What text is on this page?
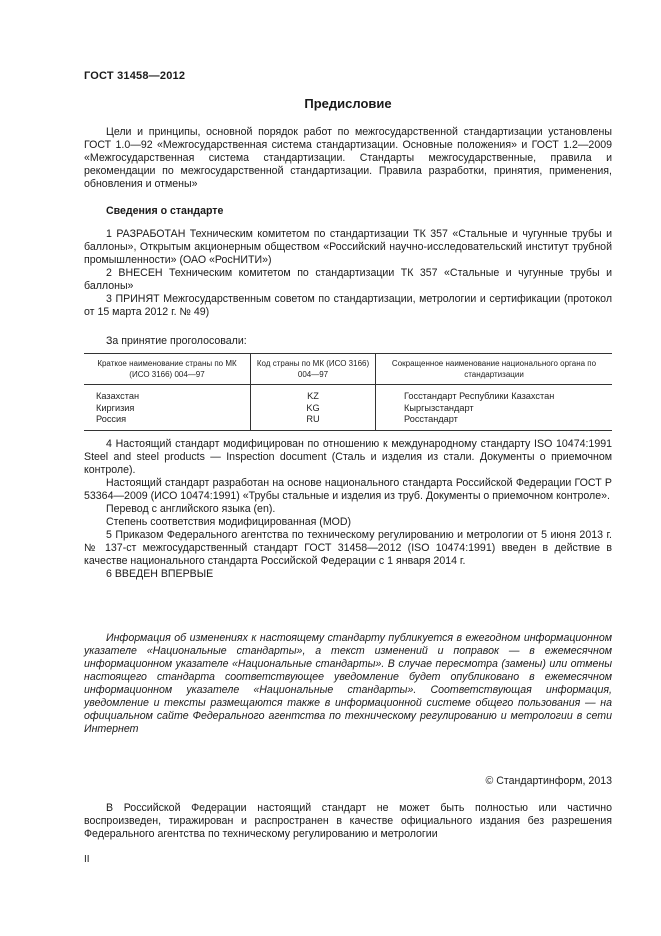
ГОСТ 31458—2012
Предисловие

Цели и принципы, основной порядок работ по межгосударственной стандартизации установлены ГОСТ 1.0—92 «Межгосударственная система стандартизации. Основные положения» и ГОСТ 1.2—2009 «Межгосударственная система стандартизации. Стандарты межгосударственные, правила и рекомендации по межгосударственной стандартизации. Правила разработки, принятия, применения, обновления и отмены»

Сведения о стандарте

1 РАЗРАБОТАН Техническим комитетом по стандартизации ТК 357 «Стальные и чугунные трубы и баллоны», Открытым акционерным обществом «Российский научно-исследовательский институт трубной промышленности» (ОАО «РосНИТИ»)

2 ВНЕСЕН Техническим комитетом по стандартизации ТК 357 «Стальные и чугунные трубы и баллоны»

3 ПРИНЯТ Межгосударственным советом по стандартизации, метрологии и сертификации (протокол от 15 марта 2012 г. № 49)

За принятие проголосовали:
Краткое наименование страны по МК (ИСО 3166) 004—97	Код страны по МК (ИСО 3166) 004—97	Сокращенное наименование национального органа по стандартизации
Казахстан	KZ	Госстандарт Республики Казахстан
Киргизия	KG	Кыргызстандарт
Россия	RU	Росстандарт

4 Настоящий стандарт модифицирован по отношению к международному стандарту ISO 10474:1991 Steel and steel products — Inspection document (Сталь и изделия из стали. Документы о приемочном контроле).

Настоящий стандарт разработан на основе национального стандарта Российской Федерации ГОСТ Р 53364—2009 (ИСО 10474:1991) «Трубы стальные и изделия из труб. Документы о приемочном контроле».

Перевод с английского языка (en).

Степень соответствия модифицированная (MOD)

5 Приказом Федерального агентства по техническому регулированию и метрологии от 5 июня 2013 г. № 137-ст межгосударственный стандарт ГОСТ 31458—2012 (ISO 10474:1991) введен в действие в качестве национального стандарта Российской Федерации с 1 января 2014 г.

6 ВВЕДЕН ВПЕРВЫЕ

Информация об изменениях к настоящему стандарту публикуется в ежегодном информационном указателе «Национальные стандарты», а текст изменений и поправок — в ежемесячном информационном указателе «Национальные стандарты». В случае пересмотра (замены) или отмены настоящего стандарта соответствующее уведомление будет опубликовано в ежемесячном информационном указателе «Национальные стандарты». Соответствующая информация, уведомление и тексты размещаются также в информационной системе общего пользования — на официальном сайте Федерального агентства по техническому регулированию и метрологии в сети Интернет
© Стандартинформ, 2013
В Российской Федерации настоящий стандарт не может быть полностью или частично воспроизведен, тиражирован и распространен в качестве официального издания без разрешения Федерального агентства по техническому регулированию и метрологии
II
